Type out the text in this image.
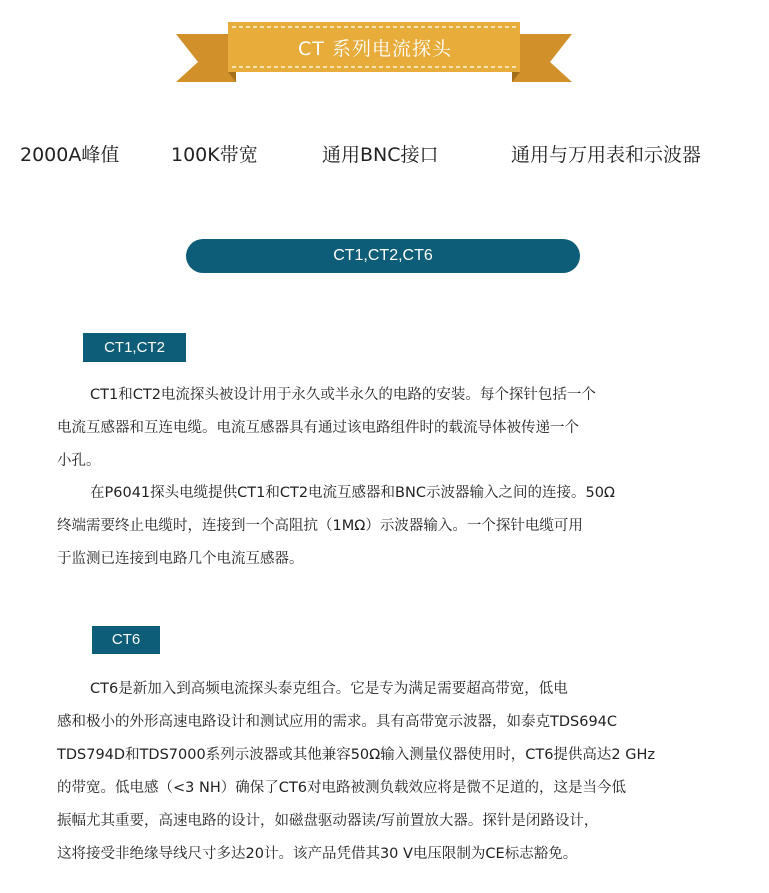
CT 系列电流探头
2000A峰值	100K带宽	通用BNC接口	通用与万用表和示波器
CT1,CT2,CT6
CT1,CT2
CT1和CT2电流探头被设计用于永久或半永久的电路的安装。每个探针包括一个
电流互感器和互连电缆。电流互感器具有通过该电路组件时的载流导体被传递一个
小孔。
在P6041探头电缆提供CT1和CT2电流互感器和BNC示波器输入之间的连接。50Ω
终端需要终止电缆时，连接到一个高阻抗（1MΩ）示波器输入。一个探针电缆可用
于监测已连接到电路几个电流互感器。
CT6
CT6是新加入到高频电流探头泰克组合。它是专为满足需要超高带宽，低电
感和极小的外形高速电路设计和测试应用的需求。具有高带宽示波器，如泰克TDS694C
TDS794D和TDS7000系列示波器或其他兼容50Ω输入测量仪器使用时，CT6提供高达2 GHz
的带宽。低电感（<3 NH）确保了CT6对电路被测负载效应将是微不足道的，这是当今低
振幅尤其重要，高速电路的设计，如磁盘驱动器读/写前置放大器。探针是闭路设计，
这将接受非绝缘导线尺寸多达20计。该产品凭借其30 V电压限制为CE标志豁免。
